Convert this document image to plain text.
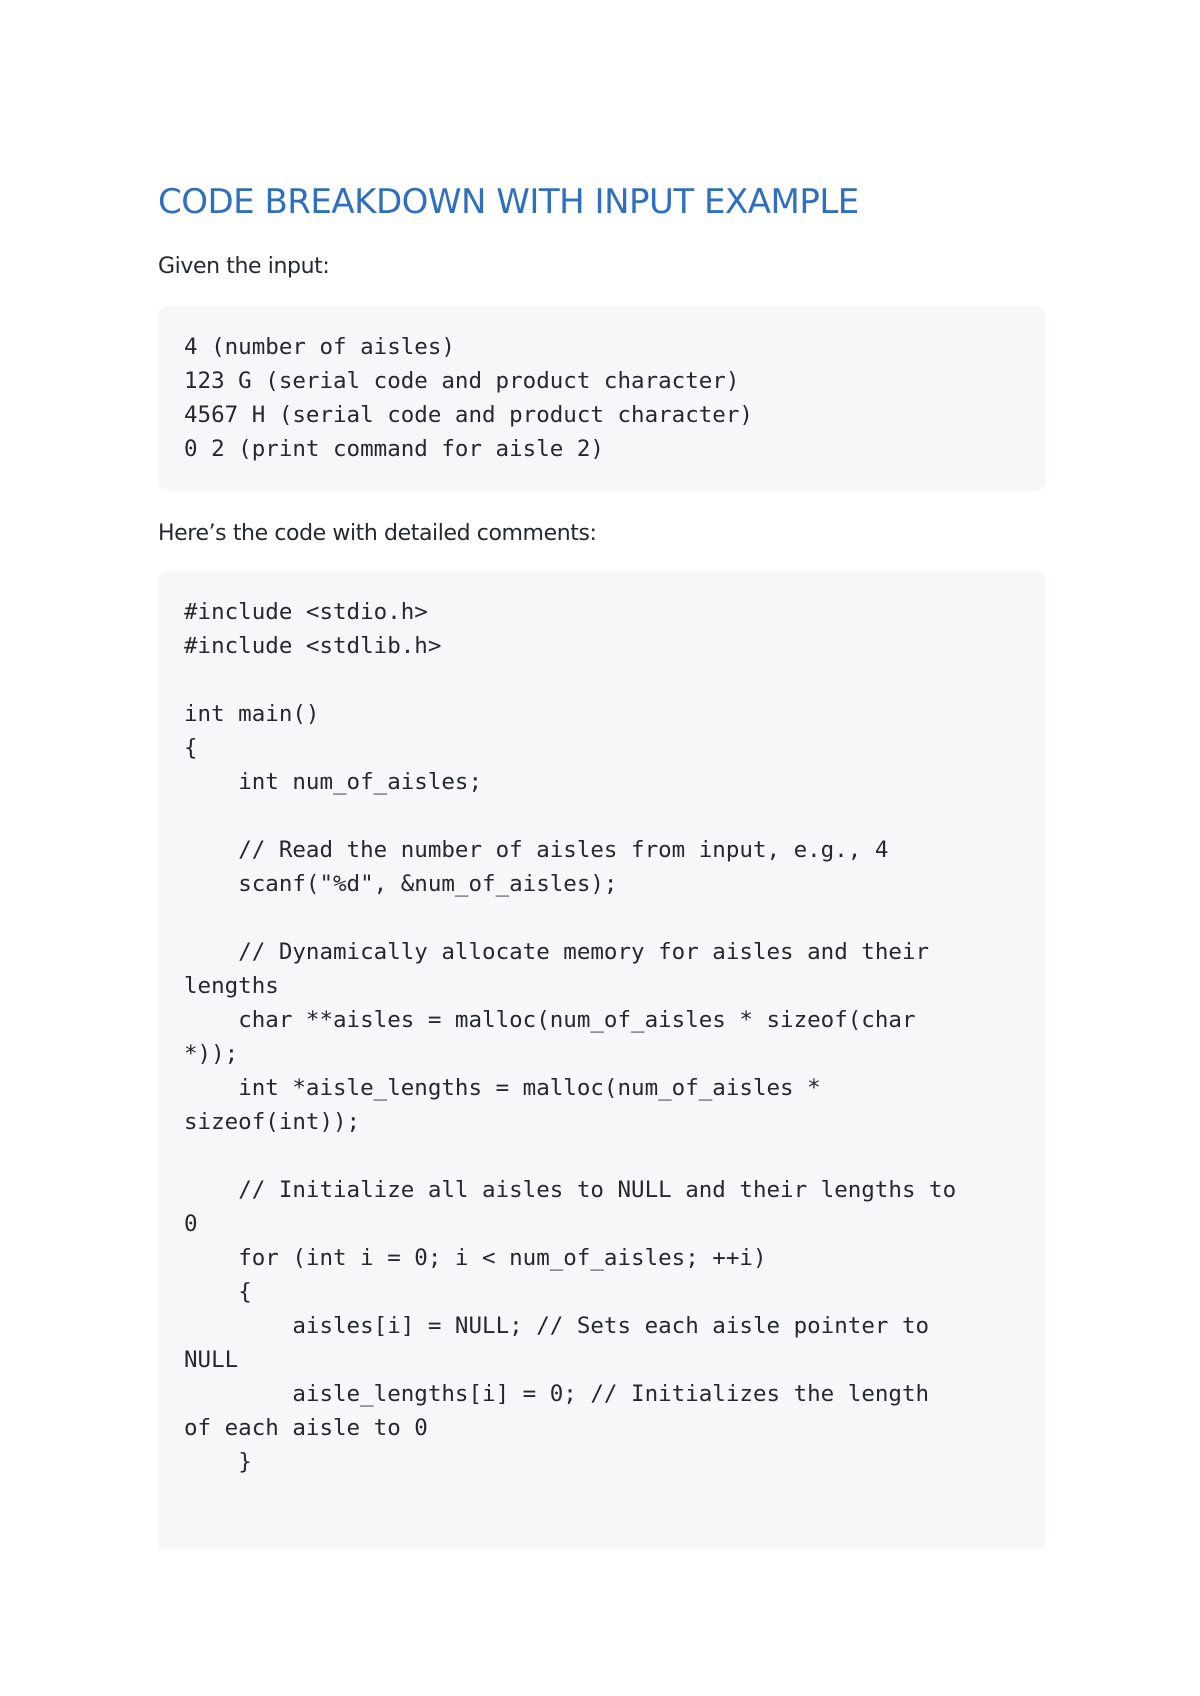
CODE BREAKDOWN WITH INPUT EXAMPLE

Given the input:

4 (number of aisles)
123 G (serial code and product character)
4567 H (serial code and product character)
0 2 (print command for aisle 2)

Here’s the code with detailed comments:

#include <stdio.h>
#include <stdlib.h>

int main()
{
int num_of_aisles;

// Read the number of aisles from input, e.g., 4
scanf("%d", &num_of_aisles);

// Dynamically allocate memory for aisles and their
lengths
char **aisles = malloc(num_of_aisles * sizeof(char
*));
int *aisle_lengths = malloc(num_of_aisles *
sizeof(int));

// Initialize all aisles to NULL and their lengths to
0
for (int i = 0; i < num_of_aisles; ++i)
{
aisles[i] = NULL; // Sets each aisle pointer to
NULL
aisle_lengths[i] = 0; // Initializes the length
of each aisle to 0
}
